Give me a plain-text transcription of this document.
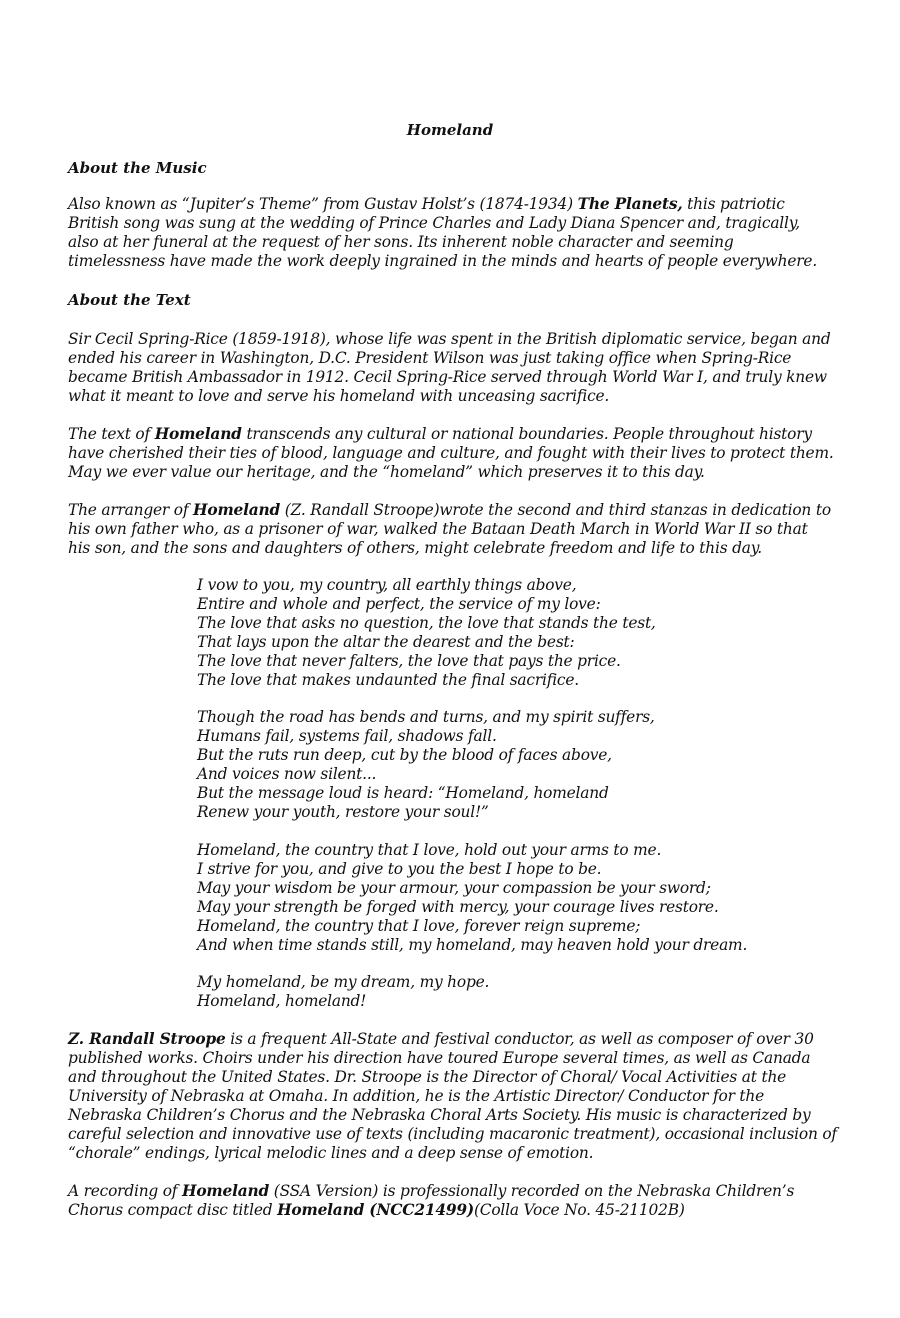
Homeland
About the Music
Also known as “Jupiter’s Theme” from Gustav Holst’s (1874-1934) The Planets, this patriotic
British song was sung at the wedding of Prince Charles and Lady Diana Spencer and, tragically,
also at her funeral at the request of her sons. Its inherent noble character and seeming
timelessness have made the work deeply ingrained in the minds and hearts of people everywhere.
About the Text
Sir Cecil Spring-Rice (1859-1918), whose life was spent in the British diplomatic service, began and
ended his career in Washington, D.C. President Wilson was just taking office when Spring-Rice
became British Ambassador in 1912. Cecil Spring-Rice served through World War I, and truly knew
what it meant to love and serve his homeland with unceasing sacrifice.
The text of Homeland transcends any cultural or national boundaries. People throughout history
have cherished their ties of blood, language and culture, and fought with their lives to protect them.
May we ever value our heritage, and the “homeland” which preserves it to this day.
The arranger of Homeland (Z. Randall Stroope)wrote the second and third stanzas in dedication to
his own father who, as a prisoner of war, walked the Bataan Death March in World War II so that
his son, and the sons and daughters of others, might celebrate freedom and life to this day.
I vow to you, my country, all earthly things above,
Entire and whole and perfect, the service of my love:
The love that asks no question, the love that stands the test,
That lays upon the altar the dearest and the best:
The love that never falters, the love that pays the price.
The love that makes undaunted the final sacrifice.
Though the road has bends and turns, and my spirit suffers,
Humans fail, systems fail, shadows fall.
But the ruts run deep, cut by the blood of faces above,
And voices now silent...
But the message loud is heard: “Homeland, homeland
Renew your youth, restore your soul!”
Homeland, the country that I love, hold out your arms to me.
I strive for you, and give to you the best I hope to be.
May your wisdom be your armour, your compassion be your sword;
May your strength be forged with mercy, your courage lives restore.
Homeland, the country that I love, forever reign supreme;
And when time stands still, my homeland, may heaven hold your dream.
My homeland, be my dream, my hope.
Homeland, homeland!
Z. Randall Stroope is a frequent All-State and festival conductor, as well as composer of over 30
published works. Choirs under his direction have toured Europe several times, as well as Canada
and throughout the United States. Dr. Stroope is the Director of Choral/ Vocal Activities at the
University of Nebraska at Omaha. In addition, he is the Artistic Director/ Conductor for the
Nebraska Children’s Chorus and the Nebraska Choral Arts Society. His music is characterized by
careful selection and innovative use of texts (including macaronic treatment), occasional inclusion of
“chorale” endings, lyrical melodic lines and a deep sense of emotion.
A recording of Homeland (SSA Version) is professionally recorded on the Nebraska Children’s
Chorus compact disc titled Homeland (NCC21499)(Colla Voce No. 45-21102B)
